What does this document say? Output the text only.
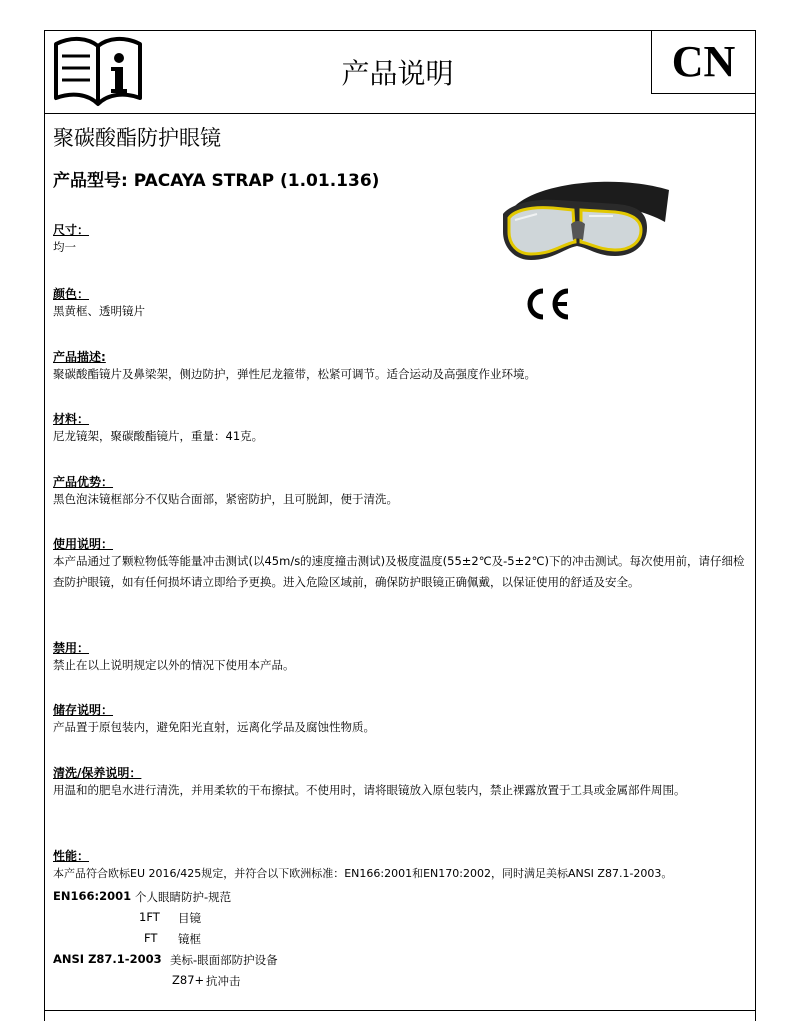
产品说明	CN
聚碳酸酯防护眼镜
产品型号: PACAYA STRAP (1.01.136)
尺寸：
均一
颜色：
黑黄框、透明镜片
产品描述:
聚碳酸酯镜片及鼻梁架，侧边防护，弹性尼龙箍带，松紧可调节。适合运动及高强度作业环境。
材料：
尼龙镜架，聚碳酸酯镜片，重量：41克。
产品优势：
黑色泡沫镜框部分不仅贴合面部，紧密防护，且可脱卸，便于清洗。
使用说明：
本产品通过了颗粒物低等能量冲击测试(以45m/s的速度撞击测试)及极度温度(55±2℃及-5±2℃)下的冲击测试。每次使用前，请仔细检查防护眼镜，如有任何损坏请立即给予更换。进入危险区域前，确保防护眼镜正确佩戴，以保证使用的舒适及安全。
禁用：
禁止在以上说明规定以外的情况下使用本产品。
储存说明：
产品置于原包装内，避免阳光直射，远离化学品及腐蚀性物质。
清洗/保养说明：
用温和的肥皂水进行清洗，并用柔软的干布擦拭。不使用时，请将眼镜放入原包装内，禁止裸露放置于工具或金属部件周围。
性能：
本产品符合欧标EU 2016/425规定，并符合以下欧洲标准：EN166:2001和EN170:2002，同时满足美标ANSI Z87.1-2003。
EN166:2001 个人眼睛防护-规范
1FT 目镜
FT 镜框
ANSI Z87.1-2003 美标-眼面部防护设备
Z87+ 抗冲击
